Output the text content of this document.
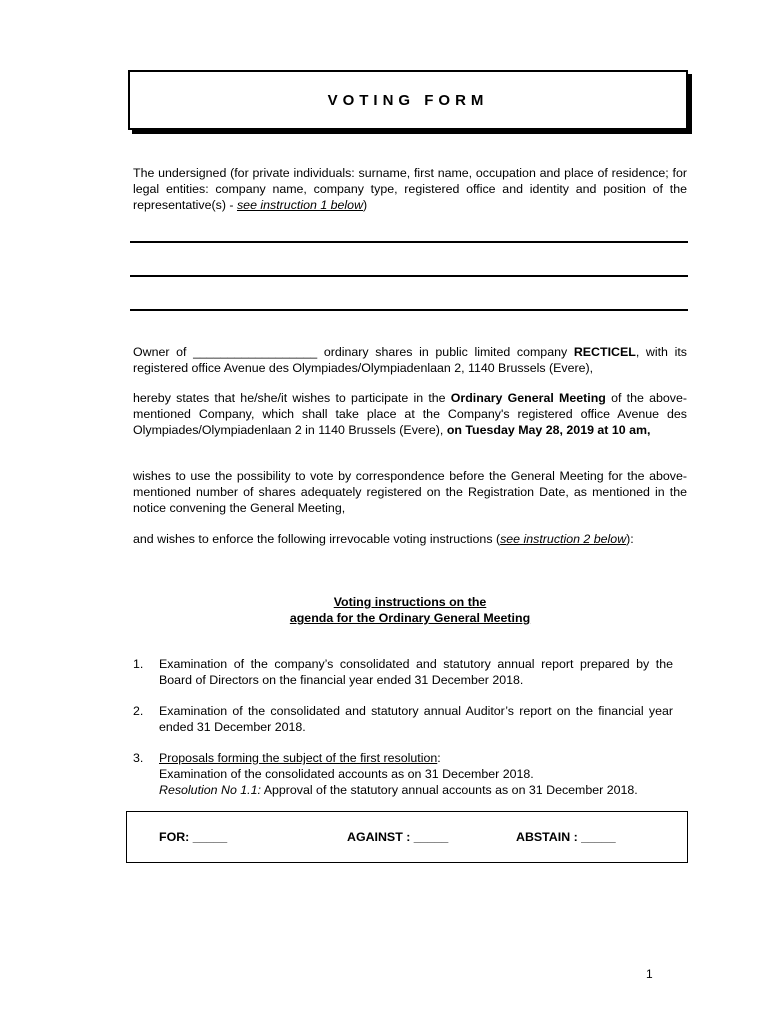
VOTING FORM
The undersigned (for private individuals: surname, first name, occupation and place of residence; for legal entities: company name, company type, registered office and identity and position of the representative(s) - see instruction 1 below)
Owner of __________________ ordinary shares in public limited company RECTICEL, with its registered office Avenue des Olympiades/Olympiadenlaan 2, 1140 Brussels (Evere),
hereby states that he/she/it wishes to participate in the Ordinary General Meeting of the above-mentioned Company, which shall take place at the Company's registered office Avenue des Olympiades/Olympiadenlaan 2 in 1140 Brussels (Evere), on Tuesday May 28, 2019 at 10 am,
wishes to use the possibility to vote by correspondence before the General Meeting for the above-mentioned number of shares adequately registered on the Registration Date, as mentioned in the notice convening the General Meeting,
and wishes to enforce the following irrevocable voting instructions (see instruction 2 below):
Voting instructions on the
agenda for the Ordinary General Meeting
1. Examination of the company’s consolidated and statutory annual report prepared by the Board of Directors on the financial year ended 31 December 2018.
2. Examination of the consolidated and statutory annual Auditor’s report on the financial year ended 31 December 2018.
3. Proposals forming the subject of the first resolution:
Examination of the consolidated accounts as on 31 December 2018.
Resolution No 1.1: Approval of the statutory annual accounts as on 31 December 2018.
FOR: _____	AGAINST : _____	ABSTAIN : _____
1
